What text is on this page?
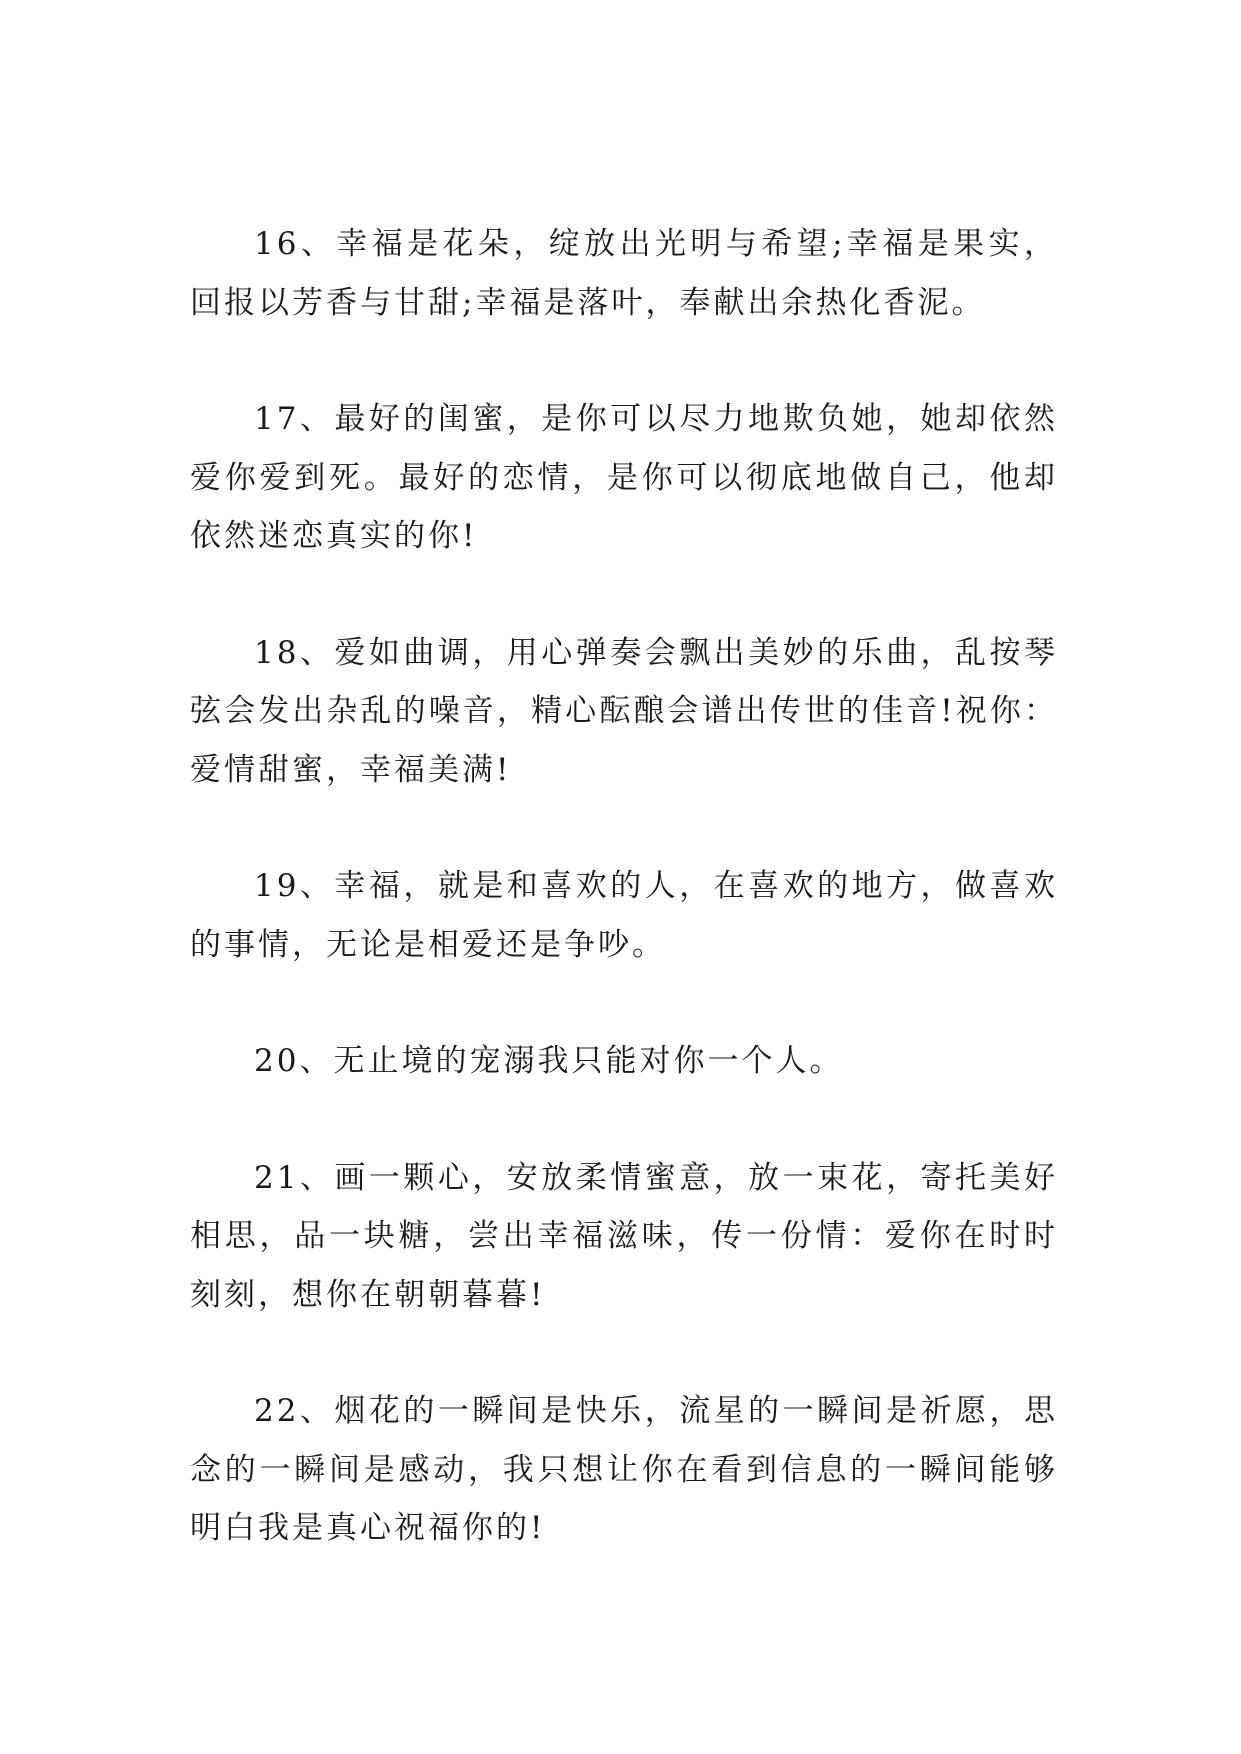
16、幸福是花朵，绽放出光明与希望;幸福是果实，回报以芳香与甘甜;幸福是落叶，奉献出余热化香泥。

17、最好的闺蜜，是你可以尽力地欺负她，她却依然爱你爱到死。最好的恋情，是你可以彻底地做自己，他却依然迷恋真实的你!

18、爱如曲调，用心弹奏会飘出美妙的乐曲，乱按琴弦会发出杂乱的噪音，精心酝酿会谱出传世的佳音!祝你：爱情甜蜜，幸福美满!

19、幸福，就是和喜欢的人，在喜欢的地方，做喜欢的事情，无论是相爱还是争吵。

20、无止境的宠溺我只能对你一个人。

21、画一颗心，安放柔情蜜意，放一束花，寄托美好相思，品一块糖，尝出幸福滋味，传一份情：爱你在时时刻刻，想你在朝朝暮暮!

22、烟花的一瞬间是快乐，流星的一瞬间是祈愿，思念的一瞬间是感动，我只想让你在看到信息的一瞬间能够明白我是真心祝福你的!
